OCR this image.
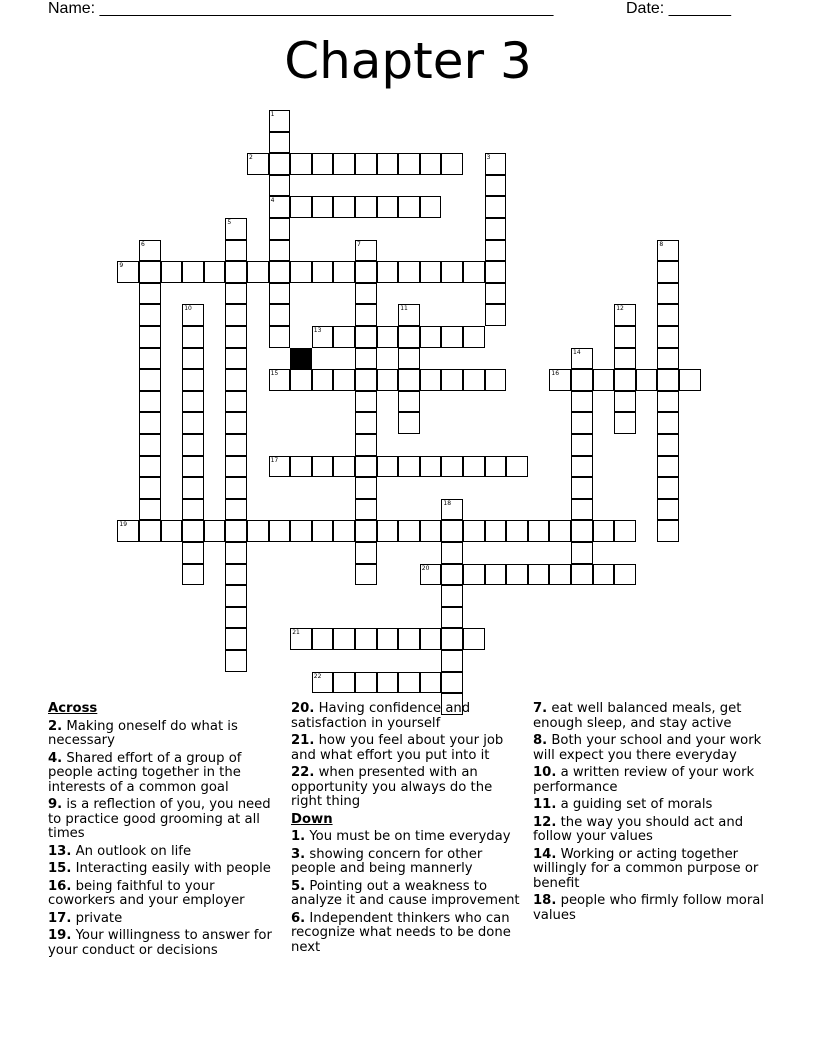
Name: ___________________________________________________	Date: _______
Chapter 3
1
4
2	3
5
6	7	8
9
10	11	12
13
14
15	16
17
18
19
20
21
22
Across
2. Making oneself do what is necessary
4. Shared effort of a group of people acting together in the interests of a common goal
9. is a reflection of you, you need to practice good grooming at all times
13. An outlook on life
15. Interacting easily with people
16. being faithful to your coworkers and your employer
17. private
19. Your willingness to answer for your conduct or decisions
20. Having confidence and satisfaction in yourself
21. how you feel about your job and what effort you put into it
22. when presented with an opportunity you always do the right thing
Down
1. You must be on time everyday
3. showing concern for other people and being mannerly
5. Pointing out a weakness to analyze it and cause improvement
6. Independent thinkers who can recognize what needs to be done next
7. eat well balanced meals, get enough sleep, and stay active
8. Both your school and your work will expect you there everyday
10. a written review of your work performance
11. a guiding set of morals
12. the way you should act and follow your values
14. Working or acting together willingly for a common purpose or benefit
18. people who firmly follow moral values
